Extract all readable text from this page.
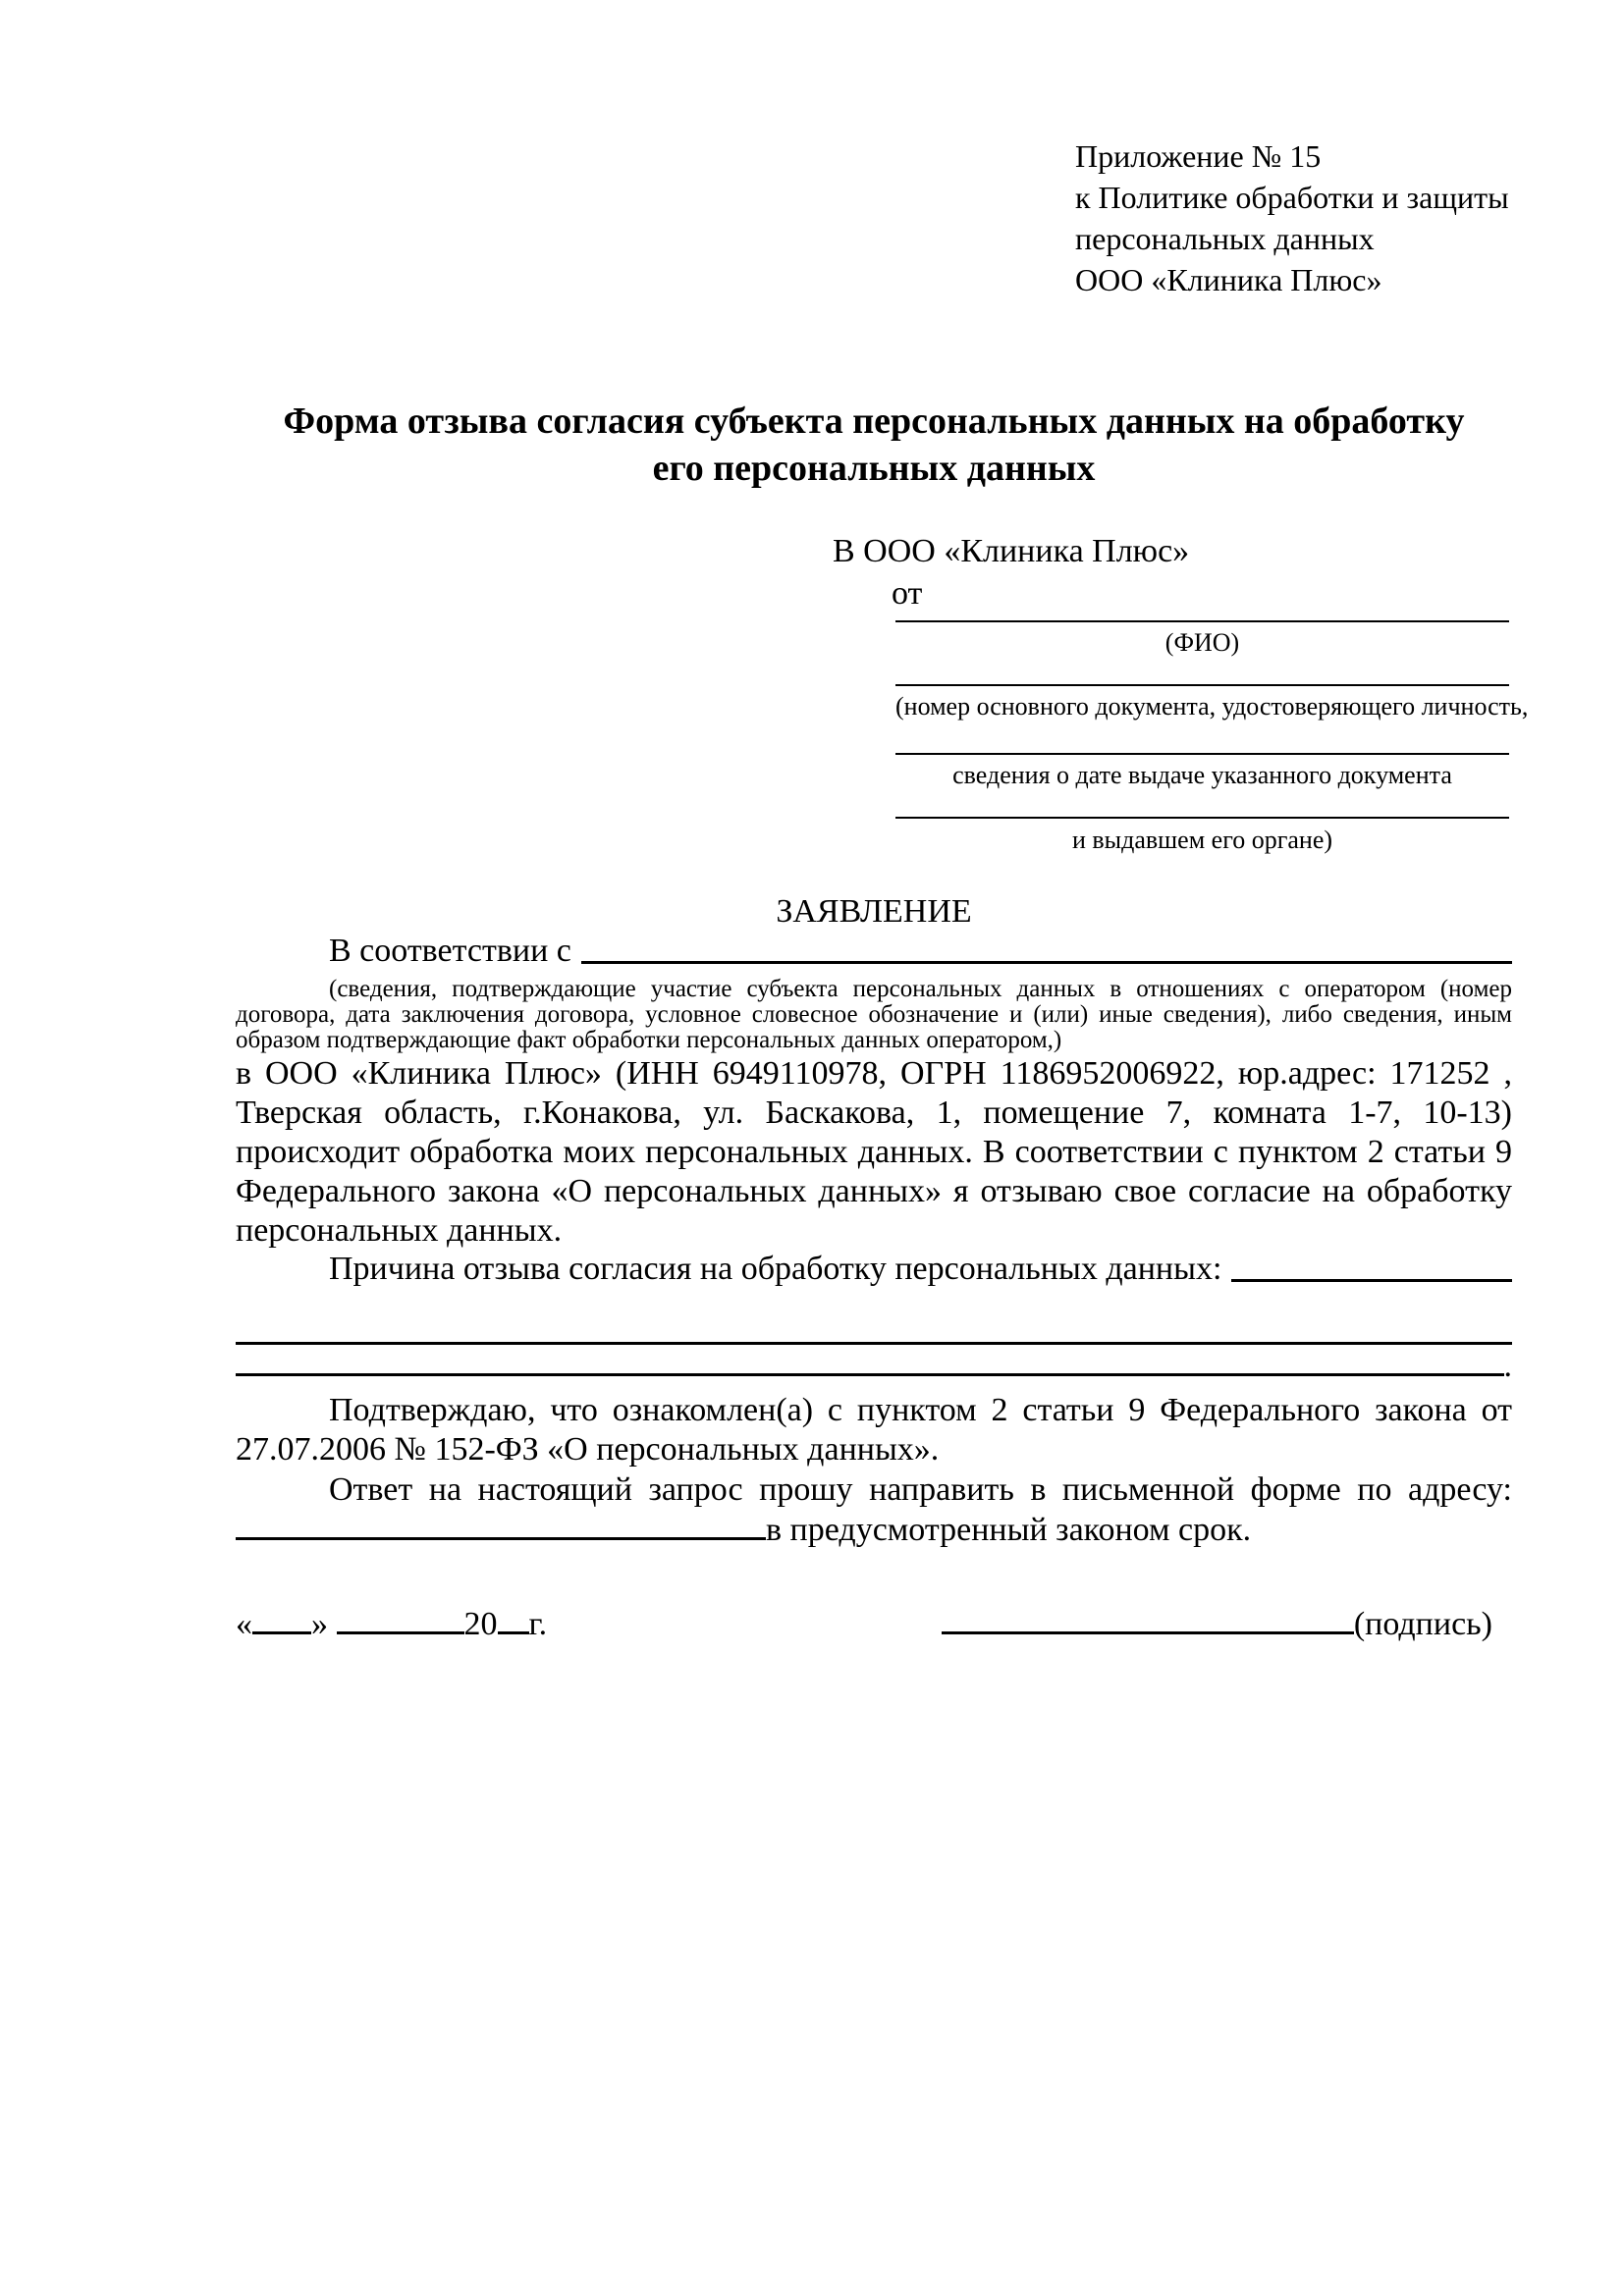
Приложение № 15
к Политике обработки и защиты
персональных данных
ООО «Клиника Плюс»
Форма отзыва согласия субъекта персональных данных на обработку
его персональных данных
В ООО «Клиника Плюс»
от
(ФИО)
(номер основного документа, удостоверяющего личность,
сведения о дате выдаче указанного документа
и выдавшем его органе)
ЗАЯВЛЕНИЕ
В соответствии с
(сведения, подтверждающие участие субъекта персональных данных в отношениях с оператором (номер договора, дата заключения договора, условное словесное обозначение и (или) иные сведения), либо сведения, иным образом подтверждающие факт обработки персональных данных оператором,)
в ООО «Клиника Плюс» (ИНН 6949110978, ОГРН 1186952006922, юр.адрес: 171252 , Тверская область, г.Конакова, ул. Баскакова, 1, помещение 7, комната 1-7, 10-13) происходит обработка моих персональных данных. В соответствии с пунктом 2 статьи 9 Федерального закона «О персональных данных» я отзываю свое согласие на обработку персональных данных.
Причина отзыва согласия на обработку персональных данных:
.
Подтверждаю, что ознакомлен(а) с пунктом 2 статьи 9 Федерального закона от 27.07.2006 № 152-ФЗ «О персональных данных».
Ответ на настоящий запрос прошу направить в письменной форме по адресу: в предусмотренный законом срок.
« »	20 г.	(подпись)
